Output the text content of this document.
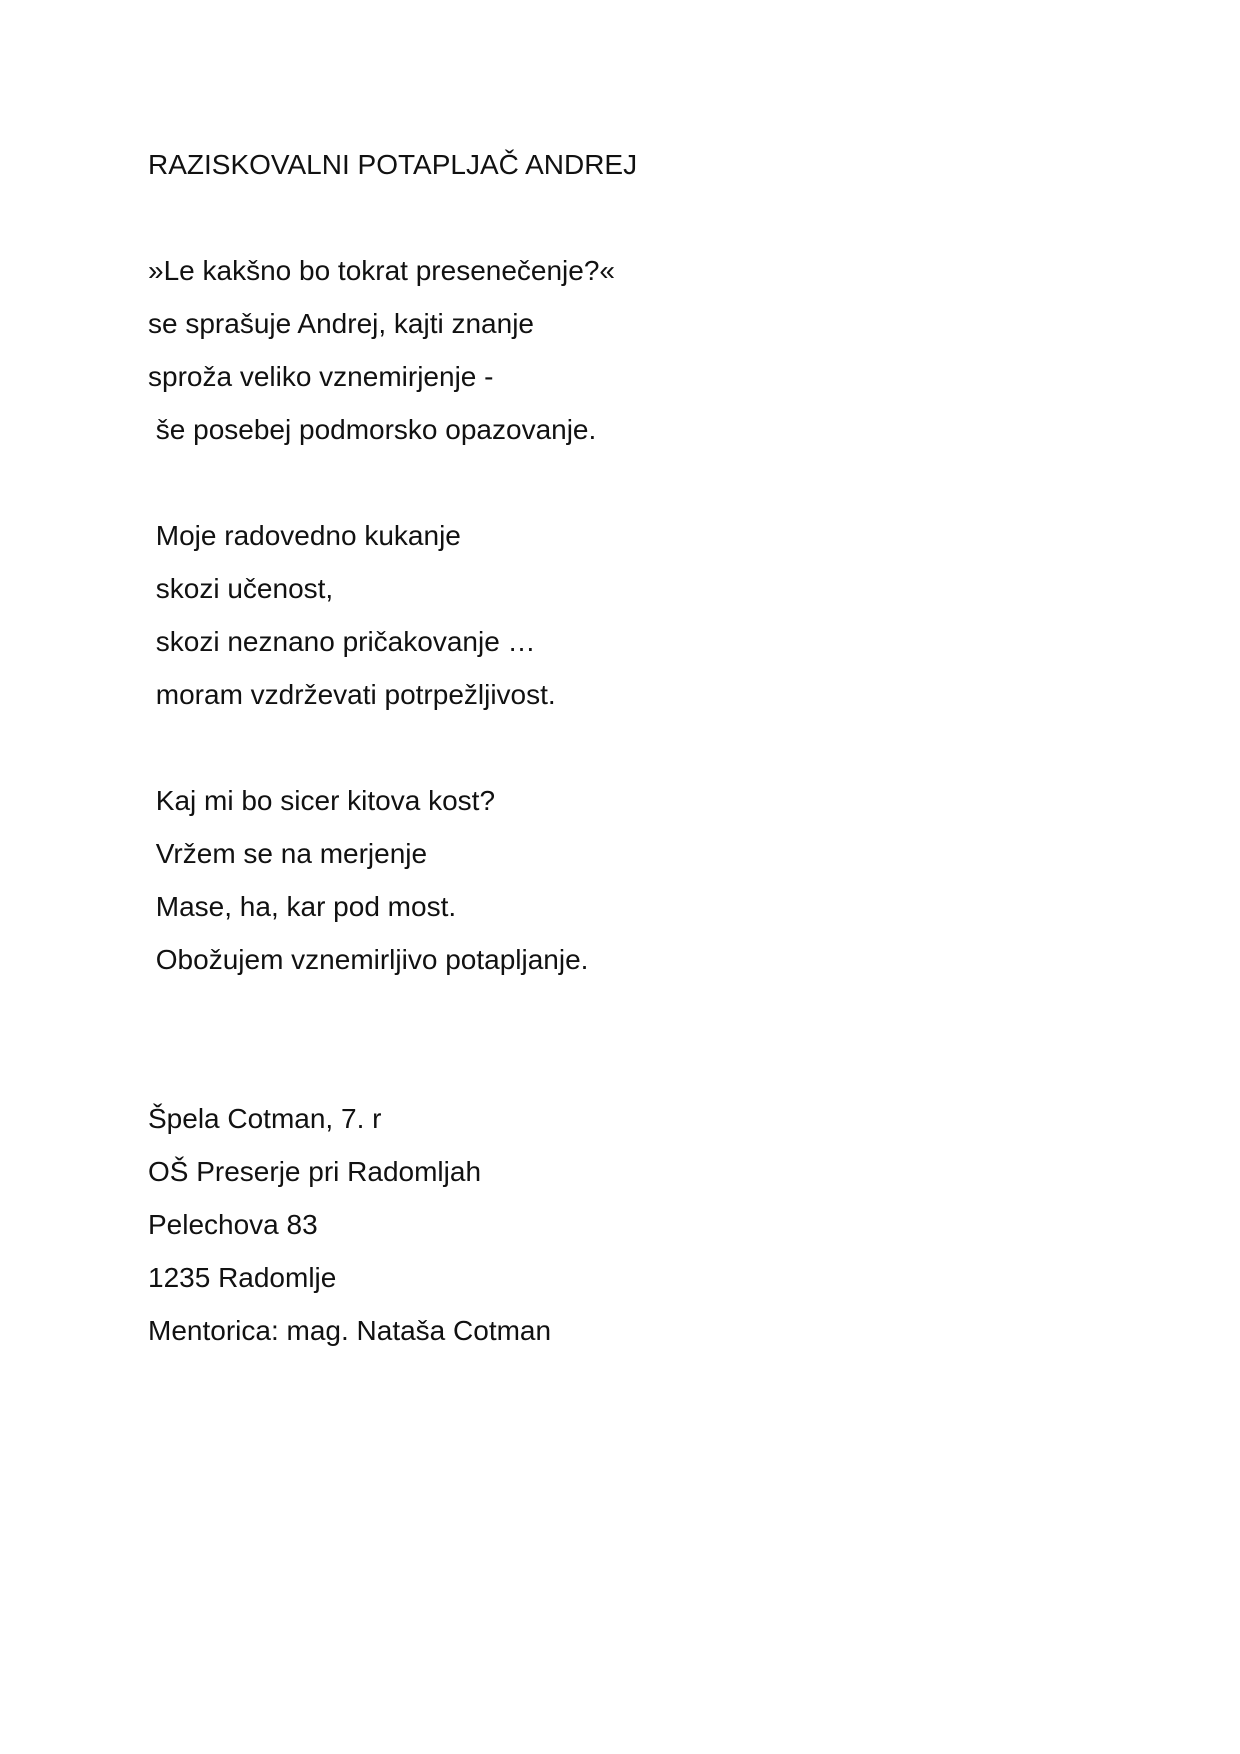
RAZISKOVALNI POTAPLJAČ ANDREJ
»Le kakšno bo tokrat presenečenje?«
se sprašuje Andrej, kajti znanje
sproža veliko vznemirjenje -
še posebej podmorsko opazovanje.
Moje radovedno kukanje
skozi učenost,
skozi neznano pričakovanje …
moram vzdrževati potrpežljivost.
Kaj mi bo sicer kitova kost?
Vržem se na merjenje
Mase, ha, kar pod most.
Obožujem vznemirljivo potapljanje.
Špela Cotman, 7. r
OŠ Preserje pri Radomljah
Pelechova 83
1235 Radomlje
Mentorica: mag. Nataša Cotman
